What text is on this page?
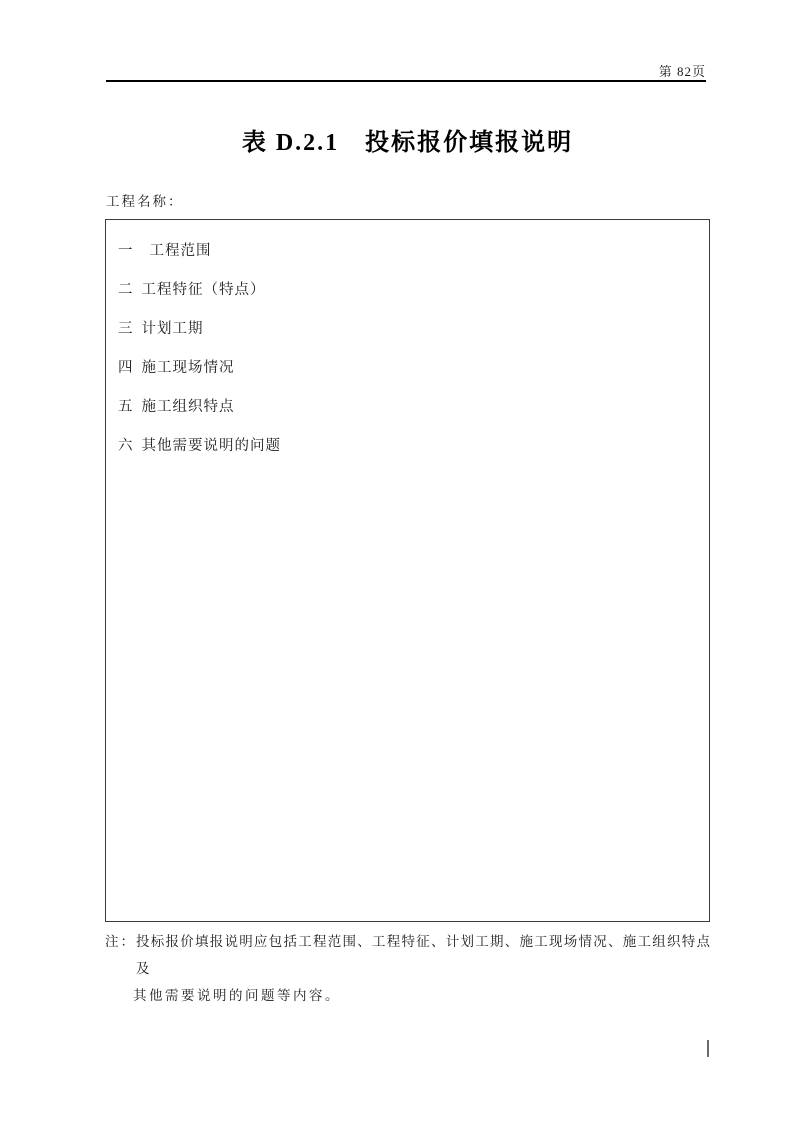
第 82页
表 D.2.1　投标报价填报说明
工程名称：
一 工程范围
二 工程特征（特点）
三 计划工期
四 施工现场情况
五 施工组织特点
六 其他需要说明的问题
注： 投标报价填报说明应包括工程范围、工程特征、计划工期、施工现场情况、施工组织特点及
其他需要说明的问题等内容。
